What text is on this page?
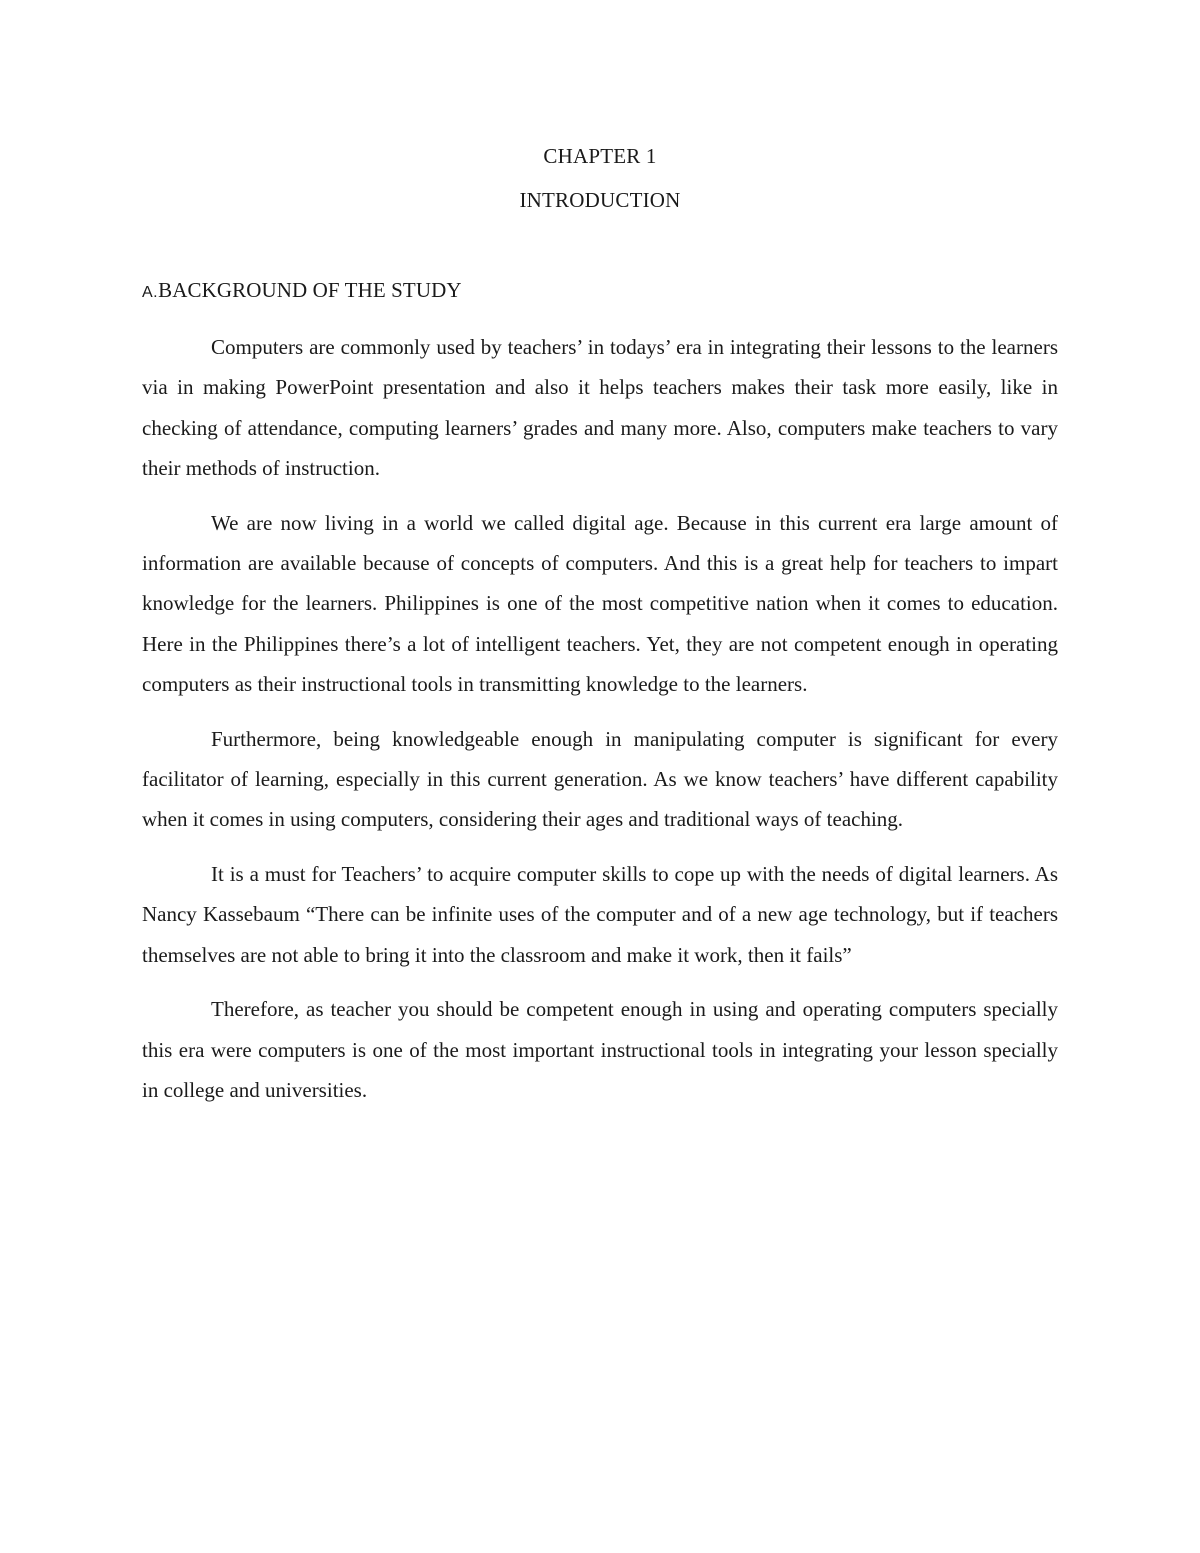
CHAPTER 1
INTRODUCTION
A.BACKGROUND OF THE STUDY

Computers are commonly used by teachers’ in todays’ era in integrating their lessons to the learners via in making PowerPoint presentation and also it helps teachers makes their task more easily, like in checking of attendance, computing learners’ grades and many more. Also, computers make teachers to vary their methods of instruction.

We are now living in a world we called digital age. Because in this current era large amount of information are available because of concepts of computers. And this is a great help for teachers to impart knowledge for the learners. Philippines is one of the most competitive nation when it comes to education. Here in the Philippines there’s a lot of intelligent teachers. Yet, they are not competent enough in operating computers as their instructional tools in transmitting knowledge to the learners.

Furthermore, being knowledgeable enough in manipulating computer is significant for every facilitator of learning, especially in this current generation. As we know teachers’ have different capability when it comes in using computers, considering their ages and traditional ways of teaching.

It is a must for Teachers’ to acquire computer skills to cope up with the needs of digital learners. As Nancy Kassebaum “There can be infinite uses of the computer and of a new age technology, but if teachers themselves are not able to bring it into the classroom and make it work, then it fails”

Therefore, as teacher you should be competent enough in using and operating computers specially this era were computers is one of the most important instructional tools in integrating your lesson specially in college and universities.
